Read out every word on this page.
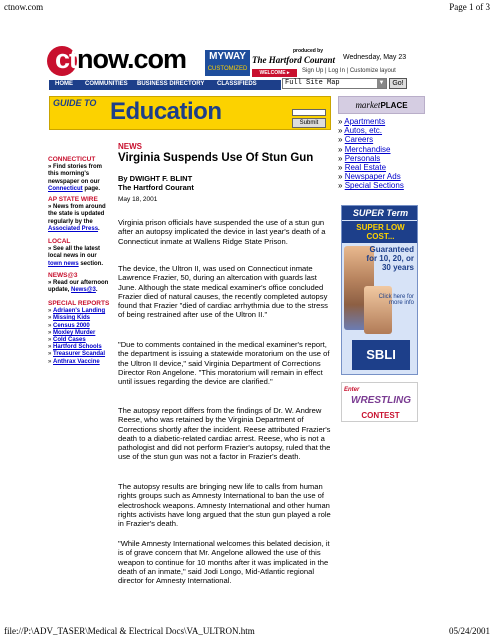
ctnow.com	Page 1 of 3
ctnow.com	MYWAY
CUSTOMIZED
produced by
The Hartford Courant Wednesday, May 23
WELCOME ▸	Sign Up | Log In | Customize layout
HOME COMMUNITIES BUSINESS DIRECTORY CLASSIFIEDS	Full Site Map	▼	Go!
GUIDE TO Education	Submit
marketPLACE
» Apartments
» Autos, etc.
» Careers
» Merchandise
» Personals
» Real Estate
» Newspaper Ads
» Special Sections
SUPER Term
SUPER LOW
COST...
Guaranteed for 10, 20, or 30 years
Click here for more info
SBLI
Enter
WRESTLING
CONTEST
CONNECTICUT
» Find stories from this morning's newspaper on our Connecticut page.
AP STATE WIRE
» News from around the state is updated regularly by the Associated Press.
LOCAL
» See all the latest local news in our town news section.
NEWS@3
» Read our afternoon update, News@3.
SPECIAL REPORTS
» Adriaen's Landing
» Missing Kids
» Census 2000
» Moxley Murder
» Cold Cases
» Hartford Schools
» Treasurer Scandal
» Anthrax Vaccine
NEWS
Virginia Suspends Use Of Stun Gun
By DWIGHT F. BLINT
The Hartford Courant
May 18, 2001
Virginia prison officials have suspended the use of a stun gun after an autopsy implicated the device in last year's death of a Connecticut inmate at Wallens Ridge State Prison.
The device, the Ultron II, was used on Connecticut inmate Lawrence Frazier, 50, during an altercation with guards last June. Although the state medical examiner's office concluded Frazier died of natural causes, the recently completed autopsy found that Frazier "died of cardiac arrhythmia due to the stress of being restrained after use of the Ultron II."
"Due to comments contained in the medical examiner's report, the department is issuing a statewide moratorium on the use of the Ultron II device," said Virginia Department of Corrections Director Ron Angelone. "This moratorium will remain in effect until issues regarding the device are clarified."
The autopsy report differs from the findings of Dr. W. Andrew Reese, who was retained by the Virginia Department of Corrections shortly after the incident. Reese attributed Frazier's death to a diabetic-related cardiac arrest. Reese, who is not a pathologist and did not perform Frazier's autopsy, ruled that the use of the stun gun was not a factor in Frazier's death.
The autopsy results are bringing new life to calls from human rights groups such as Amnesty International to ban the use of electroshock weapons. Amnesty International and other human rights activists have long argued that the stun gun played a role in Frazier's death.
"While Amnesty International welcomes this belated decision, it is of grave concern that Mr. Angelone allowed the use of this weapon to continue for 10 months after it was implicated in the death of an inmate," said Jodi Longo, Mid-Atlantic regional director for Amnesty International.
file://P:\ADV_TASER\Medical & Electrical Docs\VA_ULTRON.htm	05/24/2001
